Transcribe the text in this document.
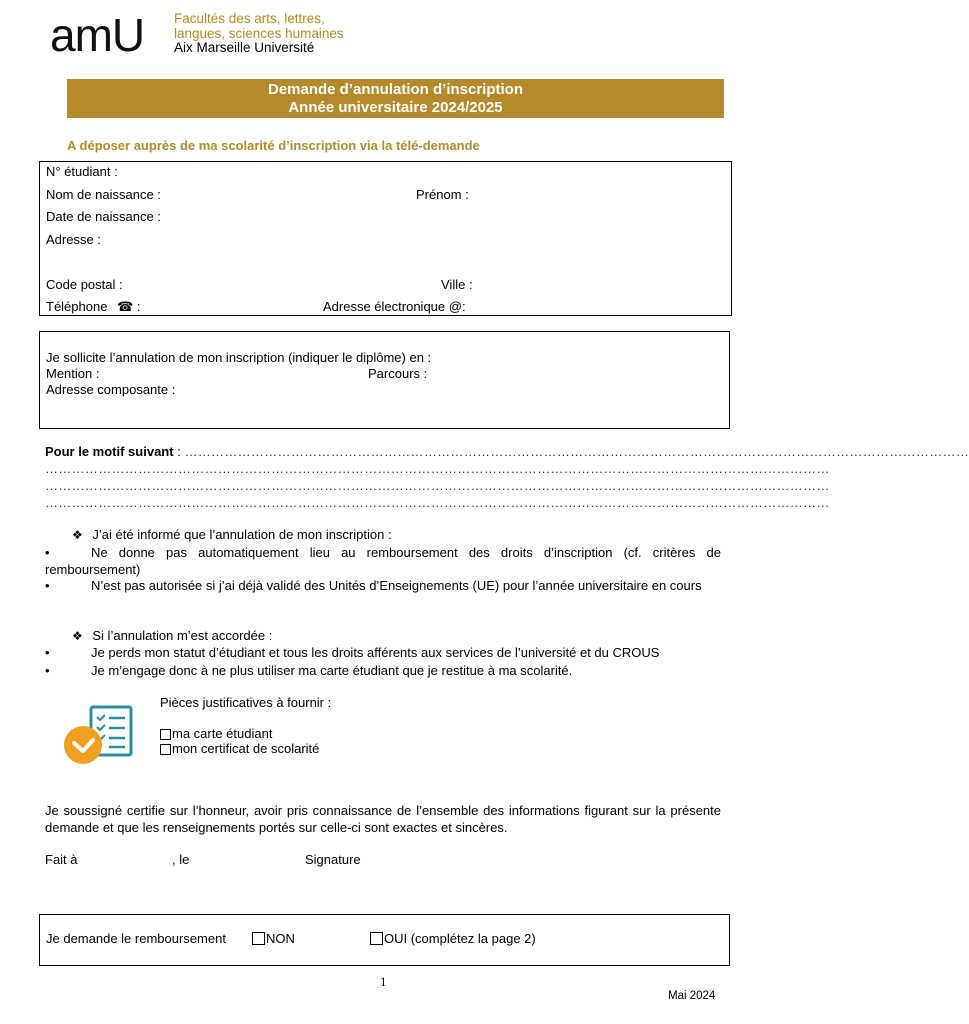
amU Facultés des arts, lettres,
langues, sciences humaines
Aix Marseille Université
Demande d’annulation d’inscription
Année universitaire 2024/2025
A déposer auprès de ma scolarité d’inscription via la télé-demande
N° étudiant :
Nom de naissance :	Prénom :
Date de naissance :
Adresse :
Code postal :	Ville :
Téléphone ☎ :	Adresse électronique @:
Je sollicite l’annulation de mon inscription (indiquer le diplôme) en :
Mention :	Parcours :
Adresse composante :
Pour le motif suivant : ……………………………………………………………………………………………………………………………………………………………
……………………………………………………………………………………………………………………………………………………………
……………………………………………………………………………………………………………………………………………………………
……………………………………………………………………………………………………………………………………………………………
❖ J’ai été informé que l’annulation de mon inscription :
•	Ne donne pas automatiquement lieu au remboursement des droits d’inscription (cf. critères de remboursement)
•	N’est pas autorisée si j’ai déjà validé des Unités d’Enseignements (UE) pour l’année universitaire en cours
❖ Si l’annulation m’est accordée :
•	Je perds mon statut d’étudiant et tous les droits afférents aux services de l’université et du CROUS
•	Je m’engage donc à ne plus utiliser ma carte étudiant que je restitue à ma scolarité.
Pièces justificatives à fournir :
ma carte étudiant
mon certificat de scolarité
Je soussigné certifie sur l’honneur, avoir pris connaissance de l’ensemble des informations figurant sur la présente demande et que les renseignements portés sur celle-ci sont exactes et sincères.
Fait à	, le	Signature
Je demande le remboursement	NON	OUI (complétez la page 2)
1
Mai 2024
